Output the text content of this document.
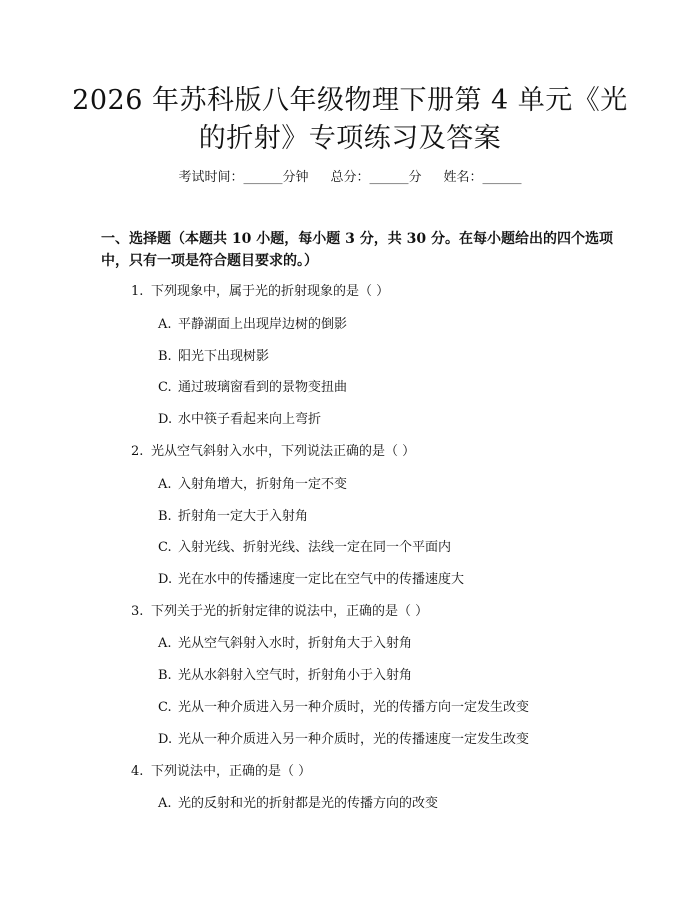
2026 年苏科版八年级物理下册第 4 单元《光
的折射》专项练习及答案
考试时间：______分钟 总分：______分 姓名：______
一、选择题（本题共 10 小题，每小题 3 分，共 30 分。在每小题给出的四个选项中，只有一项是符合题目要求的。）
1. 下列现象中，属于光的折射现象的是（ ）
A. 平静湖面上出现岸边树的倒影
B. 阳光下出现树影
C. 通过玻璃窗看到的景物变扭曲
D. 水中筷子看起来向上弯折
2. 光从空气斜射入水中，下列说法正确的是（ ）
A. 入射角增大，折射角一定不变
B. 折射角一定大于入射角
C. 入射光线、折射光线、法线一定在同一个平面内
D. 光在水中的传播速度一定比在空气中的传播速度大
3. 下列关于光的折射定律的说法中，正确的是（ ）
A. 光从空气斜射入水时，折射角大于入射角
B. 光从水斜射入空气时，折射角小于入射角
C. 光从一种介质进入另一种介质时，光的传播方向一定发生改变
D. 光从一种介质进入另一种介质时，光的传播速度一定发生改变
4. 下列说法中，正确的是（ ）
A. 光的反射和光的折射都是光的传播方向的改变
